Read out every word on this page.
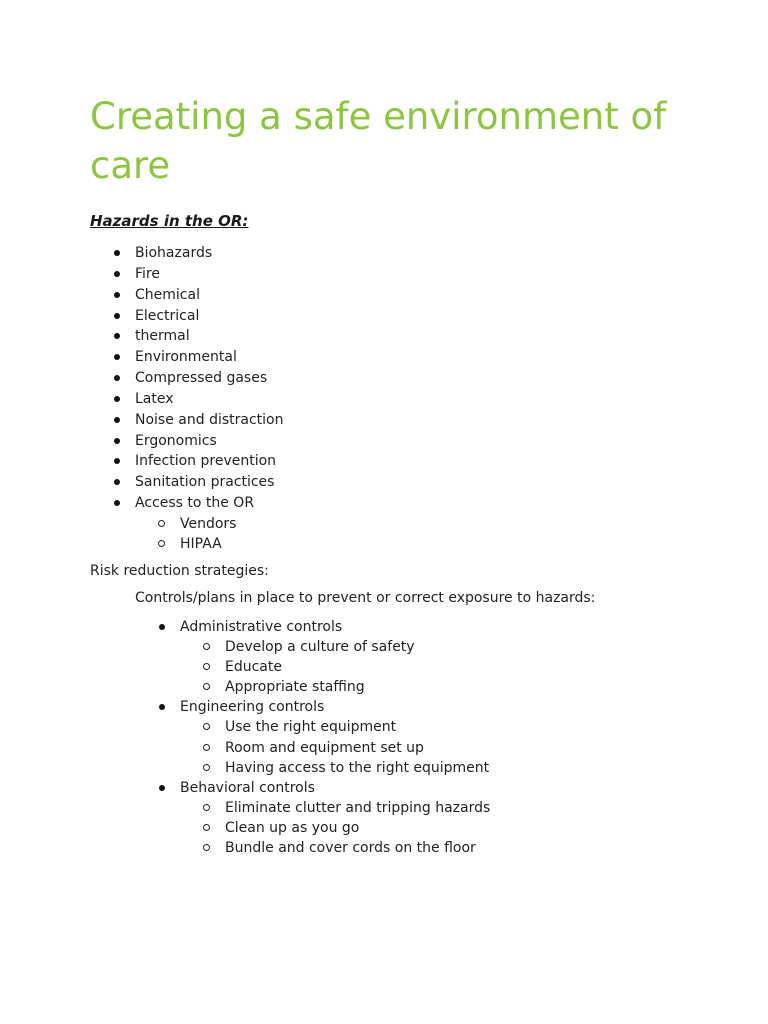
Creating a safe environment of care

Hazards in the OR:

Biohazards
Fire
Chemical
Electrical
thermal
Environmental
Compressed gases
Latex
Noise and distraction
Ergonomics
Infection prevention
Sanitation practices
Access to the OR
Vendors
HIPAA

Risk reduction strategies:

Controls/plans in place to prevent or correct exposure to hazards:

Administrative controls
Develop a culture of safety
Educate
Appropriate staffing
Engineering controls
Use the right equipment
Room and equipment set up
Having access to the right equipment
Behavioral controls
Eliminate clutter and tripping hazards
Clean up as you go
Bundle and cover cords on the floor
